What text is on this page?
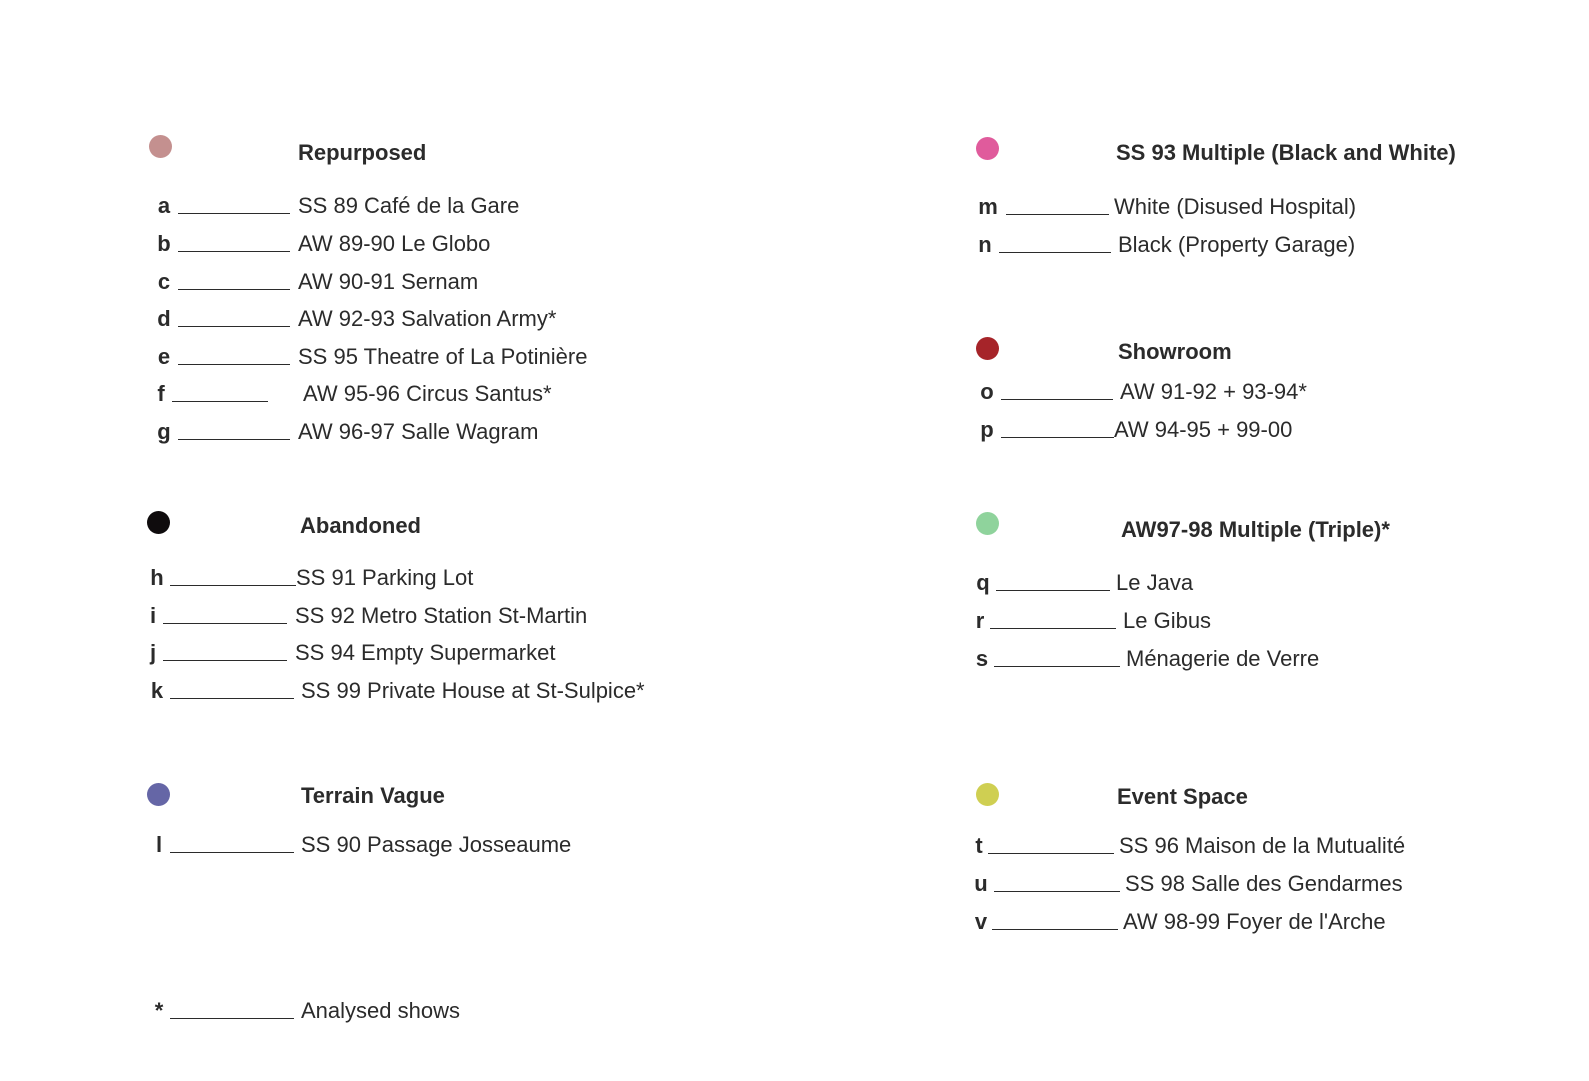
Repurposed
a	SS 89 Café de la Gare
b	AW 89-90 Le Globo
c	AW 90-91 Sernam
d	AW 92-93 Salvation Army*
e	SS 95 Theatre of La Potinière
f	AW 95-96 Circus Santus*
g	AW 96-97 Salle Wagram
Abandoned
h	SS 91 Parking Lot
i	SS 92 Metro Station St-Martin
j	SS 94 Empty Supermarket
k	SS 99 Private House at St-Sulpice*
Terrain Vague
l	SS 90 Passage Josseaume
SS 93 Multiple (Black and White)
m	White (Disused Hospital)
n	Black (Property Garage)
Showroom
o	AW 91-92 + 93-94*
p	AW 94-95 + 99-00
AW97-98 Multiple (Triple)*
q	Le Java
r	Le Gibus
s	Ménagerie de Verre
Event Space
t	SS 96 Maison de la Mutualité
u	SS 98 Salle des Gendarmes
v	AW 98-99 Foyer de l'Arche
*	Analysed shows
